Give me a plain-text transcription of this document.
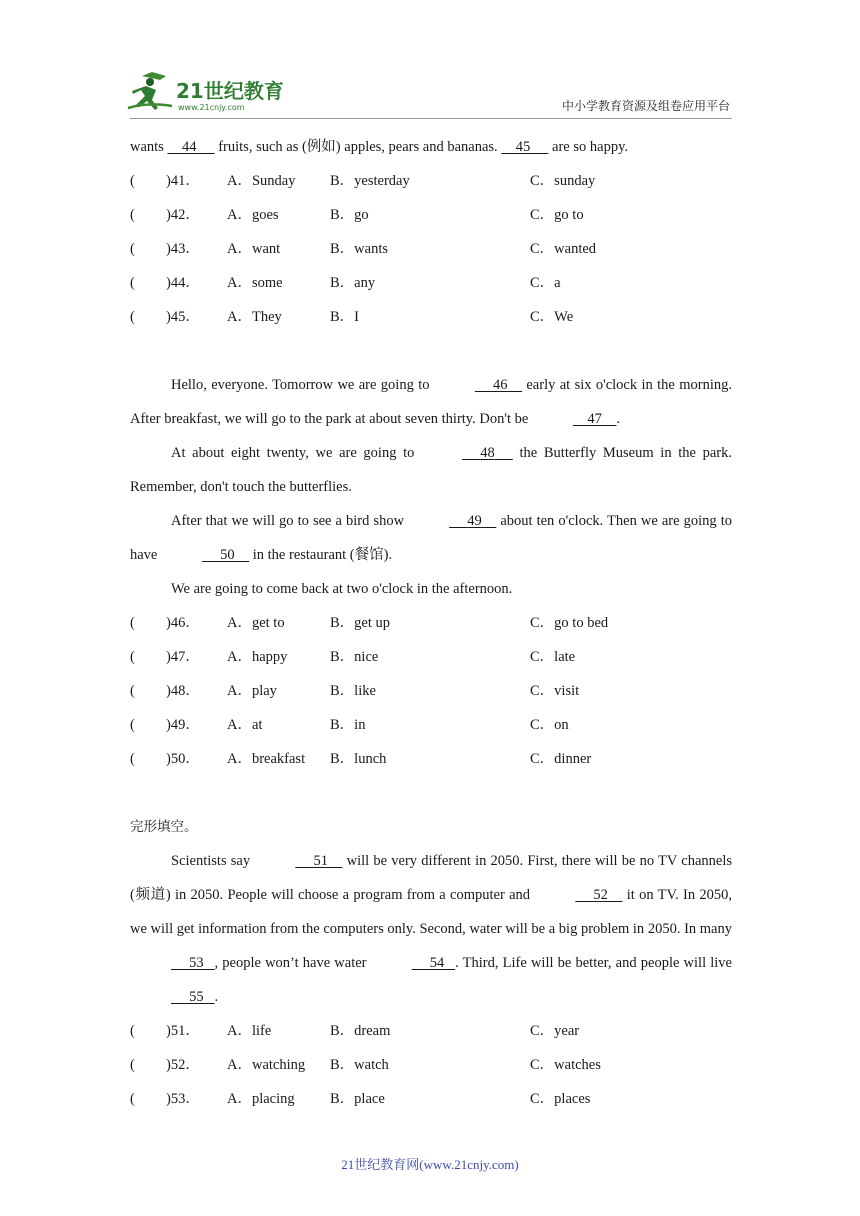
21世纪教育
www.21cnjy.com	中小学教育资源及组卷应用平台
wants 44 fruits, such as (例如) apples, pears and bananas. 45 are so happy.
( )41． A．Sunday B．yesterday	C．sunday
( )42． A．goes	B．go	C．go to
( )43． A．want	B．wants	C．wanted
( )44． A．some	B．any	C．a
( )45． A．They	B．I	C．We
Hello, everyone. Tomorrow we are going to	46 early at six o'clock in the morning. After breakfast, we will go to the park at about seven thirty. Don't be	47 .
At about eight twenty, we are going to	48 the Butterfly Museum in the park. Remember, don't touch the butterflies.
After that we will go to see a bird show	49 about ten o'clock. Then we are going to have	50 in the restaurant (餐馆).
We are going to come back at two o'clock in the afternoon.
( )46． A．get to	B．get up	C．go to bed
( )47． A．happy	B．nice	C．late
( )48． A．play	B．like	C．visit
( )49． A．at	B．in	C．on
( )50． A．breakfast B．lunch	C．dinner
完形填空。
Scientists say	51 will be very different in 2050. First, there will be no TV channels (频道) in 2050. People will choose a program from a computer and	52 it on TV. In 2050, we will get information from the computers only. Second, water will be a big problem in 2050. In many      53 , people won’t have water	54 . Third, Life will be better, and people will live      55 .
( )51． A．life	B．dream	C．year
( )52． A．watching B．watch	C．watches
( )53． A．placing B．place	C．places
21世纪教育网(www.21cnjy.com)
